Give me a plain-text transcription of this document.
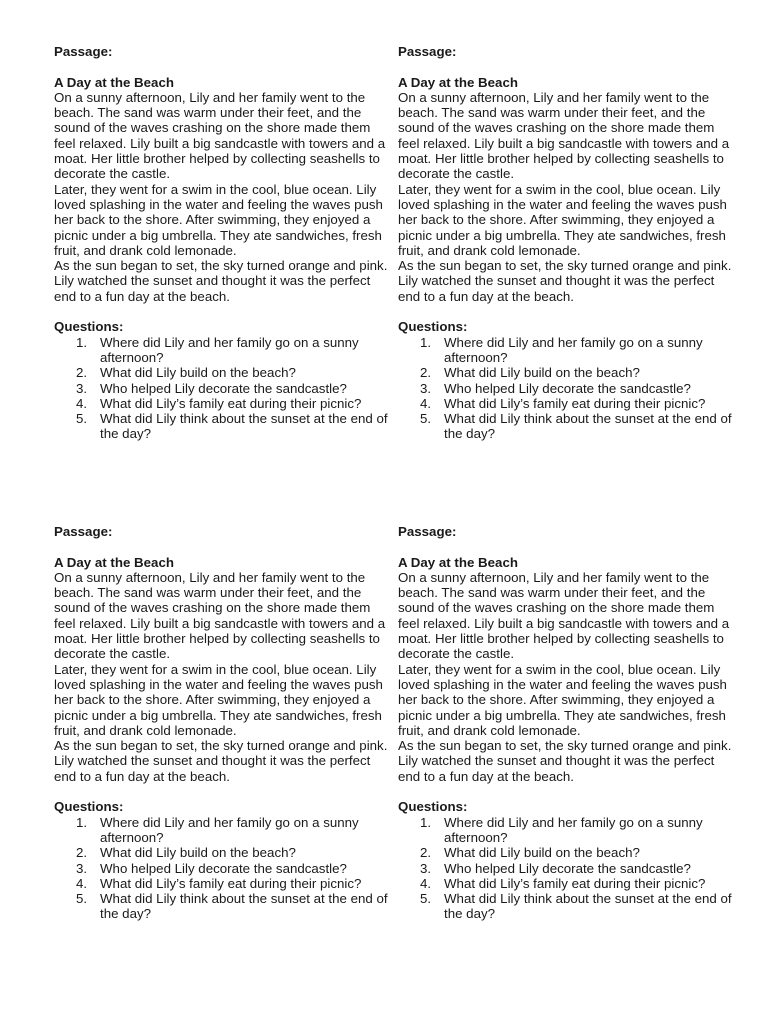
Passage:

A Day at the Beach

On a sunny afternoon, Lily and her family went to the beach. The sand was warm under their feet, and the sound of the waves crashing on the shore made them feel relaxed. Lily built a big sandcastle with towers and a moat. Her little brother helped by collecting seashells to decorate the castle.

Later, they went for a swim in the cool, blue ocean. Lily loved splashing in the water and feeling the waves push her back to the shore. After swimming, they enjoyed a picnic under a big umbrella. They ate sandwiches, fresh fruit, and drank cold lemonade.

As the sun began to set, the sky turned orange and pink. Lily watched the sunset and thought it was the perfect end to a fun day at the beach.

Questions:

1. Where did Lily and her family go on a sunny afternoon?
2. What did Lily build on the beach?
3. Who helped Lily decorate the sandcastle?
4. What did Lily’s family eat during their picnic?
5. What did Lily think about the sunset at the end of the day?

Passage:

A Day at the Beach

On a sunny afternoon, Lily and her family went to the beach. The sand was warm under their feet, and the sound of the waves crashing on the shore made them feel relaxed. Lily built a big sandcastle with towers and a moat. Her little brother helped by collecting seashells to decorate the castle.

Later, they went for a swim in the cool, blue ocean. Lily loved splashing in the water and feeling the waves push her back to the shore. After swimming, they enjoyed a picnic under a big umbrella. They ate sandwiches, fresh fruit, and drank cold lemonade.

As the sun began to set, the sky turned orange and pink. Lily watched the sunset and thought it was the perfect end to a fun day at the beach.

Questions:

1. Where did Lily and her family go on a sunny afternoon?
2. What did Lily build on the beach?
3. Who helped Lily decorate the sandcastle?
4. What did Lily’s family eat during their picnic?
5. What did Lily think about the sunset at the end of the day?

Passage:

A Day at the Beach

On a sunny afternoon, Lily and her family went to the beach. The sand was warm under their feet, and the sound of the waves crashing on the shore made them feel relaxed. Lily built a big sandcastle with towers and a moat. Her little brother helped by collecting seashells to decorate the castle.

Later, they went for a swim in the cool, blue ocean. Lily loved splashing in the water and feeling the waves push her back to the shore. After swimming, they enjoyed a picnic under a big umbrella. They ate sandwiches, fresh fruit, and drank cold lemonade.

As the sun began to set, the sky turned orange and pink. Lily watched the sunset and thought it was the perfect end to a fun day at the beach.

Questions:

1. Where did Lily and her family go on a sunny afternoon?
2. What did Lily build on the beach?
3. Who helped Lily decorate the sandcastle?
4. What did Lily’s family eat during their picnic?
5. What did Lily think about the sunset at the end of the day?

Passage:

A Day at the Beach

On a sunny afternoon, Lily and her family went to the beach. The sand was warm under their feet, and the sound of the waves crashing on the shore made them feel relaxed. Lily built a big sandcastle with towers and a moat. Her little brother helped by collecting seashells to decorate the castle.

Later, they went for a swim in the cool, blue ocean. Lily loved splashing in the water and feeling the waves push her back to the shore. After swimming, they enjoyed a picnic under a big umbrella. They ate sandwiches, fresh fruit, and drank cold lemonade.

As the sun began to set, the sky turned orange and pink. Lily watched the sunset and thought it was the perfect end to a fun day at the beach.

Questions:

1. Where did Lily and her family go on a sunny afternoon?
2. What did Lily build on the beach?
3. Who helped Lily decorate the sandcastle?
4. What did Lily’s family eat during their picnic?
5. What did Lily think about the sunset at the end of the day?
